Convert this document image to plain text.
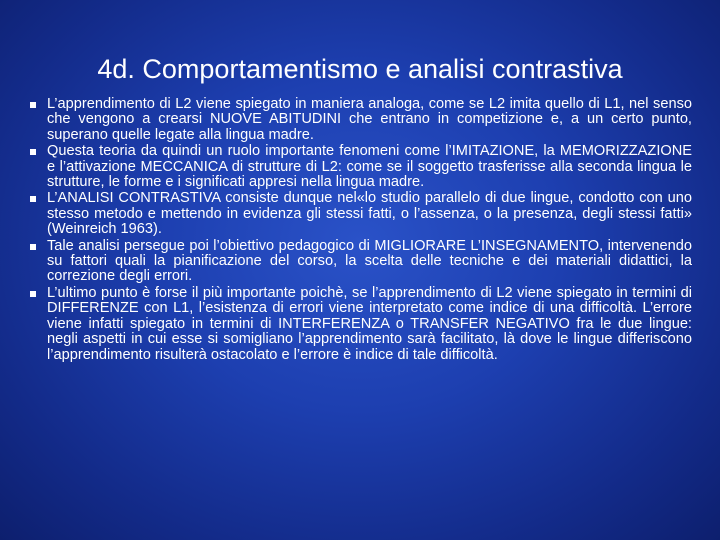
4d. Comportamentismo e analisi contrastiva
L’apprendimento di L2 viene spiegato in maniera analoga, come se L2 imita quello di L1, nel senso che vengono a crearsi NUOVE ABITUDINI che entrano in competizione e, a un certo punto, superano quelle legate alla lingua madre.
Questa teoria da quindi un ruolo importante fenomeni come l’IMITAZIONE, la MEMORIZZAZIONE e l’attivazione MECCANICA di strutture di L2: come se il soggetto trasferisse alla seconda lingua le strutture, le forme e i significati appresi nella lingua madre.
L’ANALISI CONTRASTIVA consiste dunque nel«lo studio parallelo di due lingue, condotto con uno stesso metodo e mettendo in evidenza gli stessi fatti, o l’assenza, o la presenza, degli stessi fatti» (Weinreich 1963).
Tale analisi persegue poi l’obiettivo pedagogico di MIGLIORARE L’INSEGNAMENTO, intervenendo su fattori quali la pianificazione del corso, la scelta delle tecniche e dei materiali didattici, la correzione degli errori.
L’ultimo punto è forse il più importante poichè, se l’apprendimento di L2 viene spiegato in termini di DIFFERENZE con L1, l’esistenza di errori viene interpretato come indice di una difficoltà. L’errore viene infatti spiegato in termini di INTERFERENZA o TRANSFER NEGATIVO fra le due lingue: negli aspetti in cui esse si somigliano l’apprendimento sarà facilitato, là dove le lingue differiscono l’apprendimento risulterà ostacolato e l’errore è indice di tale difficoltà.
